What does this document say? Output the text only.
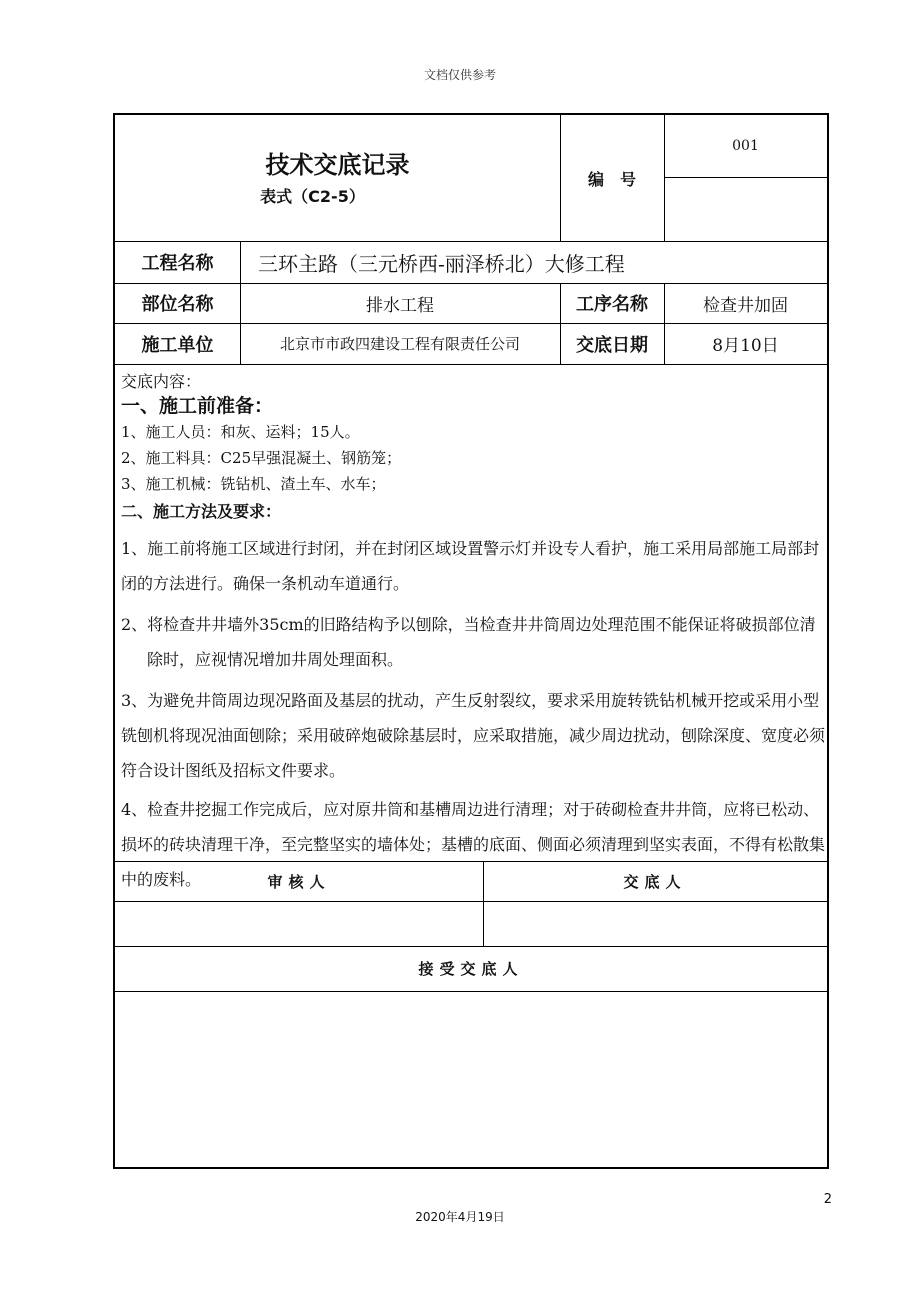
文档仅供参考
技术交底记录
表式（C2-5）
编　号
001
工程名称	三环主路（三元桥西-丽泽桥北）大修工程
部位名称	排水工程	工序名称	检查井加固
施工单位	北京市市政四建设工程有限责任公司	交底日期	8月10日
交底内容：
一、施工前准备：
1、施工人员：和灰、运料；15人。
2、施工料具：C25早强混凝土、钢筋笼；
3、施工机械：铣钻机、渣土车、水车；
二、施工方法及要求：
1、施工前将施工区域进行封闭，并在封闭区域设置警示灯并设专人看护，施工采用局部施工局部封闭的方法进行。确保一条机动车道通行。
2、将检查井井墙外35cm的旧路结构予以刨除，当检查井井筒周边处理范围不能保证将破损部位清除时，应视情况增加井周处理面积。
3、为避免井筒周边现况路面及基层的扰动，产生反射裂纹，要求采用旋转铣钻机械开挖或采用小型铣刨机将现况油面刨除；采用破碎炮破除基层时，应采取措施，减少周边扰动，刨除深度、宽度必须符合设计图纸及招标文件要求。
4、检查井挖掘工作完成后，应对原井筒和基槽周边进行清理；对于砖砌检查井井筒，应将已松动、损坏的砖块清理干净，至完整坚实的墙体处；基槽的底面、侧面必须清理到坚实表面，不得有松散集中的废料。	审核人	交底人
接受交底人
2
2020年4月19日
